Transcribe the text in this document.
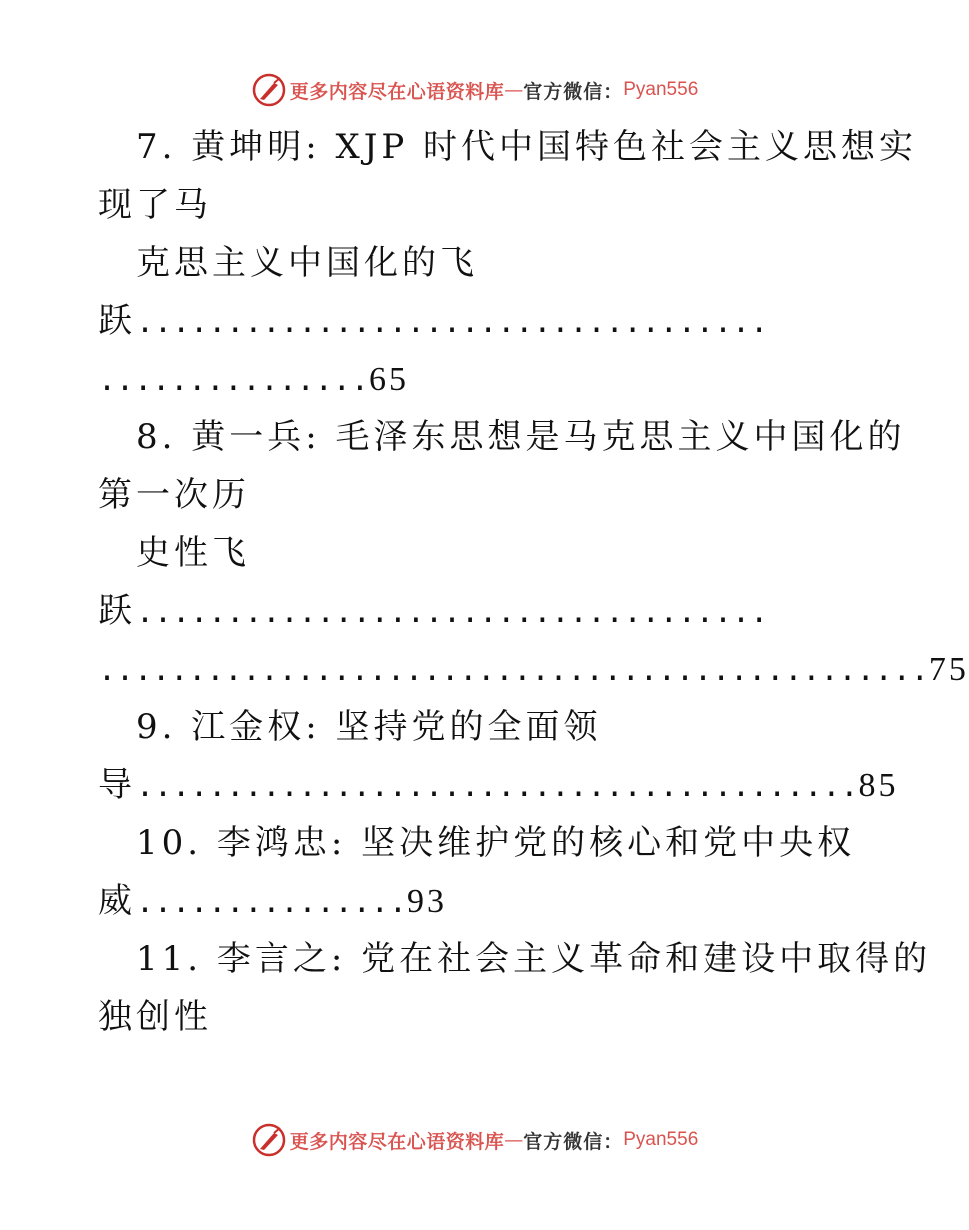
更多内容尽在心语资料库 — 官方微信： Pyan556
7. 黄坤明: XJP 时代中国特色社会主义思想实
现了马
克思主义中国化的飞
跃...................................
...............65
8. 黄一兵: 毛泽东思想是马克思主义中国化的
第一次历
史性飞
跃...................................
..............................................75
9. 江金权: 坚持党的全面领
导........................................85
10. 李鸿忠: 坚决维护党的核心和党中央权
威...............93
11. 李言之: 党在社会主义革命和建设中取得的
独创性
更多内容尽在心语资料库 — 官方微信： Pyan556
